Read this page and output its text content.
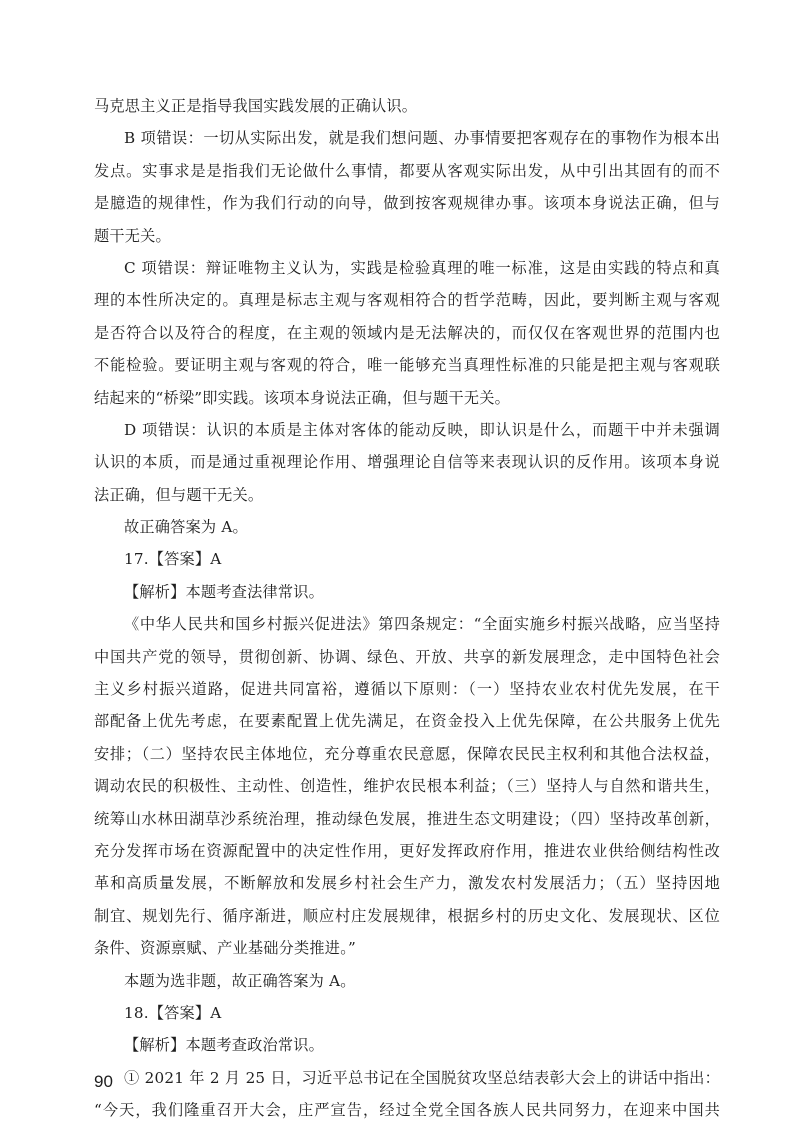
马克思主义正是指导我国实践发展的正确认识。
B 项错误：一切从实际出发，就是我们想问题、办事情要把客观存在的事物作为根本出
发点。实事求是是指我们无论做什么事情，都要从客观实际出发，从中引出其固有的而不
是臆造的规律性，作为我们行动的向导，做到按客观规律办事。该项本身说法正确，但与
题干无关。
C 项错误：辩证唯物主义认为，实践是检验真理的唯一标准，这是由实践的特点和真
理的本性所决定的。真理是标志主观与客观相符合的哲学范畴，因此，要判断主观与客观
是否符合以及符合的程度，在主观的领域内是无法解决的，而仅仅在客观世界的范围内也
不能检验。要证明主观与客观的符合，唯一能够充当真理性标准的只能是把主观与客观联
结起来的“桥梁”即实践。该项本身说法正确，但与题干无关。
D 项错误：认识的本质是主体对客体的能动反映，即认识是什么，而题干中并未强调
认识的本质，而是通过重视理论作用、增强理论自信等来表现认识的反作用。该项本身说
法正确，但与题干无关。
故正确答案为 A。
17.【答案】A
【解析】本题考查法律常识。
《中华人民共和国乡村振兴促进法》第四条规定：“全面实施乡村振兴战略，应当坚持
中国共产党的领导，贯彻创新、协调、绿色、开放、共享的新发展理念，走中国特色社会
主义乡村振兴道路，促进共同富裕，遵循以下原则：（一）坚持农业农村优先发展，在干
部配备上优先考虑，在要素配置上优先满足，在资金投入上优先保障，在公共服务上优先
安排；（二）坚持农民主体地位，充分尊重农民意愿，保障农民民主权利和其他合法权益，
调动农民的积极性、主动性、创造性，维护农民根本利益；（三）坚持人与自然和谐共生，
统筹山水林田湖草沙系统治理，推动绿色发展，推进生态文明建设；（四）坚持改革创新，
充分发挥市场在资源配置中的决定性作用，更好发挥政府作用，推进农业供给侧结构性改
革和高质量发展，不断解放和发展乡村社会生产力，激发农村发展活力；（五）坚持因地
制宜、规划先行、循序渐进，顺应村庄发展规律，根据乡村的历史文化、发展现状、区位
条件、资源禀赋、产业基础分类推进。”
本题为选非题，故正确答案为 A。
18.【答案】A
【解析】本题考查政治常识。
① 2021 年 2 月 25 日，习近平总书记在全国脱贫攻坚总结表彰大会上的讲话中指出：
“今天，我们隆重召开大会，庄严宣告，经过全党全国各族人民共同努力，在迎来中国共
90
